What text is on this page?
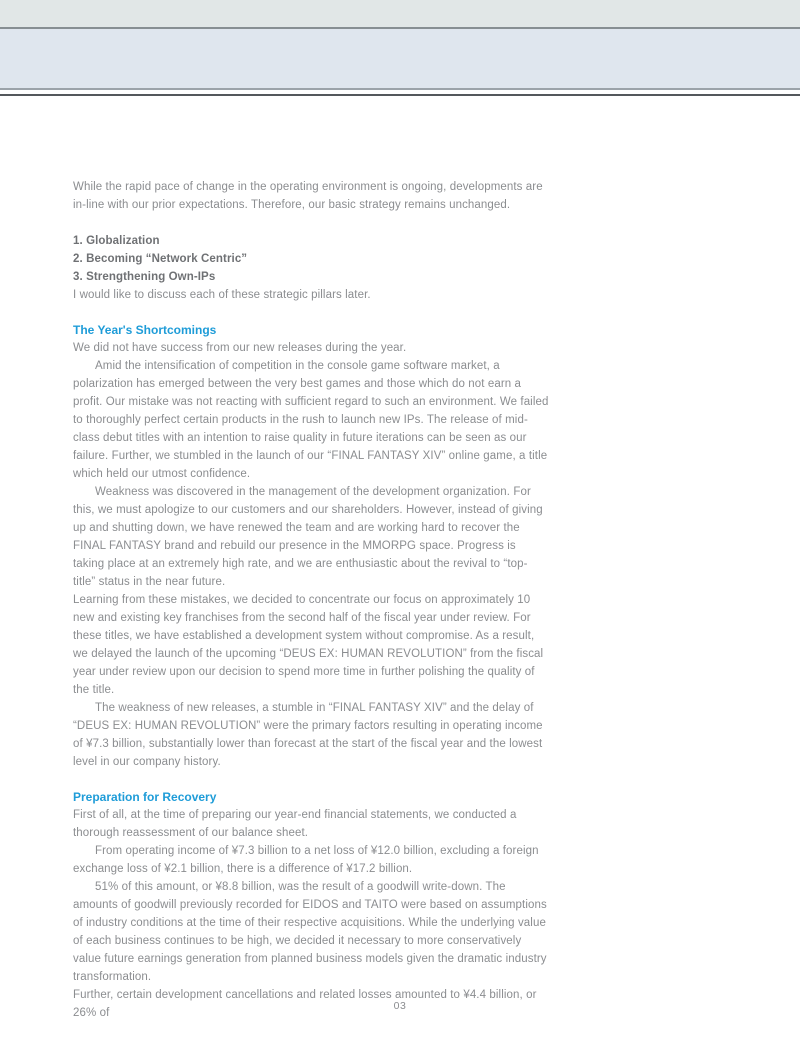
While the rapid pace of change in the operating environment is ongoing, developments are in-line with our prior expectations. Therefore, our basic strategy remains unchanged.

1. Globalization

2. Becoming “Network Centric”

3. Strengthening Own-IPs

I would like to discuss each of these strategic pillars later.

The Year's Shortcomings

We did not have success from our new releases during the year.

Amid the intensification of competition in the console game software market, a polarization has emerged between the very best games and those which do not earn a profit. Our mistake was not reacting with sufficient regard to such an environment. We failed to thoroughly perfect certain products in the rush to launch new IPs. The release of mid-class debut titles with an intention to raise quality in future iterations can be seen as our failure. Further, we stumbled in the launch of our “FINAL FANTASY XIV” online game, a title which held our utmost confidence.

Weakness was discovered in the management of the development organization. For this, we must apologize to our customers and our shareholders. However, instead of giving up and shutting down, we have renewed the team and are working hard to recover the FINAL FANTASY brand and rebuild our presence in the MMORPG space. Progress is taking place at an extremely high rate, and we are enthusiastic about the revival to “top-title” status in the near future.

Learning from these mistakes, we decided to concentrate our focus on approximately 10 new and existing key franchises from the second half of the fiscal year under review. For these titles, we have established a development system without compromise. As a result, we delayed the launch of the upcoming “DEUS EX: HUMAN REVOLUTION” from the fiscal year under review upon our decision to spend more time in further polishing the quality of the title.

The weakness of new releases, a stumble in “FINAL FANTASY XIV” and the delay of “DEUS EX: HUMAN REVOLUTION” were the primary factors resulting in operating income of ¥7.3 billion, substantially lower than forecast at the start of the fiscal year and the lowest level in our company history.

Preparation for Recovery

First of all, at the time of preparing our year-end financial statements, we conducted a thorough reassessment of our balance sheet.

From operating income of ¥7.3 billion to a net loss of ¥12.0 billion, excluding a foreign exchange loss of ¥2.1 billion, there is a difference of ¥17.2 billion.

51% of this amount, or ¥8.8 billion, was the result of a goodwill write-down. The amounts of goodwill previously recorded for EIDOS and TAITO were based on assumptions of industry conditions at the time of their respective acquisitions. While the underlying value of each business continues to be high, we decided it necessary to more conservatively value future earnings generation from planned business models given the dramatic industry transformation.

Further, certain development cancellations and related losses amounted to ¥4.4 billion, or 26% of

03
